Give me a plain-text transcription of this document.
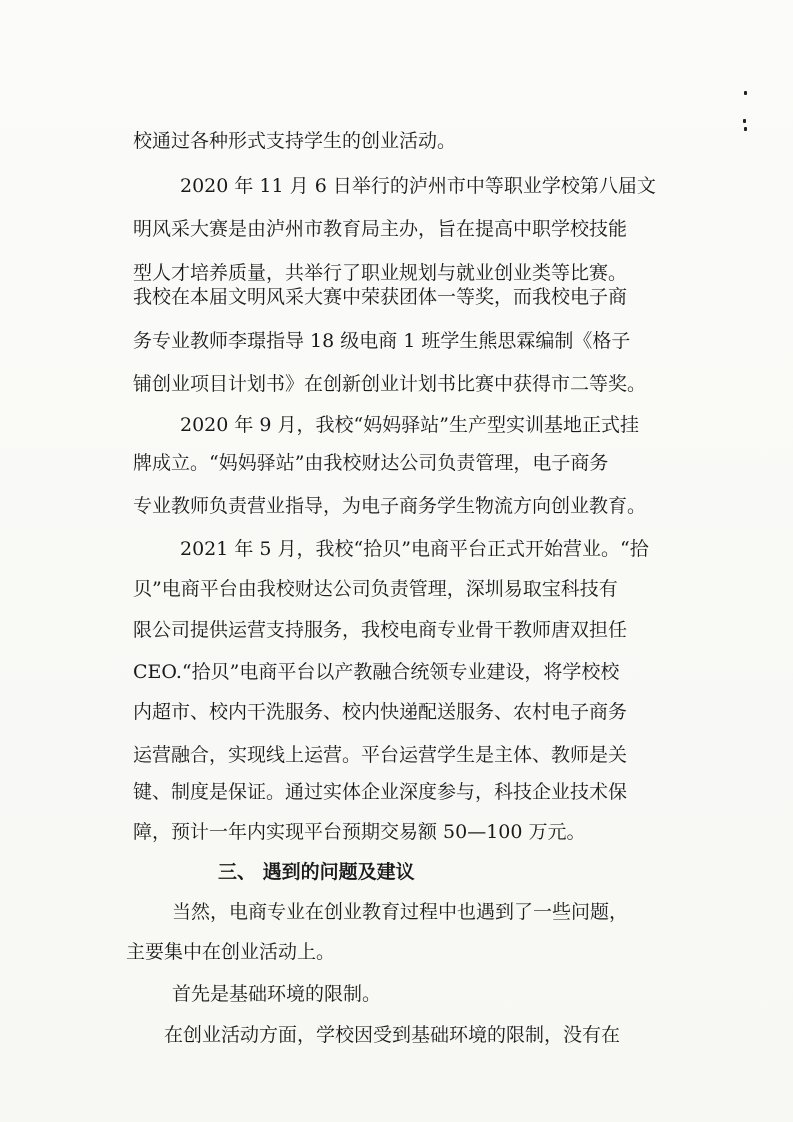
校通过各种形式支持学生的创业活动。
2020 年 11 月 6 日举行的泸州市中等职业学校第八届文
明风采大赛是由泸州市教育局主办，旨在提高中职学校技能
型人才培养质量，共举行了职业规划与就业创业类等比赛。
我校在本届文明风采大赛中荣获团体一等奖，而我校电子商
务专业教师李璟指导 18 级电商 1 班学生熊思霖编制《格子
铺创业项目计划书》在创新创业计划书比赛中获得市二等奖。
2020 年 9 月，我校“妈妈驿站”生产型实训基地正式挂
牌成立。“妈妈驿站”由我校财达公司负责管理，电子商务
专业教师负责营业指导，为电子商务学生物流方向创业教育。
2021 年 5 月，我校“拾贝”电商平台正式开始营业。“拾
贝”电商平台由我校财达公司负责管理，深圳易取宝科技有
限公司提供运营支持服务，我校电商专业骨干教师唐双担任
CEO.“拾贝”电商平台以产教融合统领专业建设，将学校校
内超市、校内干洗服务、校内快递配送服务、农村电子商务
运营融合，实现线上运营。平台运营学生是主体、教师是关
键、制度是保证。通过实体企业深度参与，科技企业技术保
障，预计一年内实现平台预期交易额 50—100 万元。
三、 遇到的问题及建议
当然，电商专业在创业教育过程中也遇到了一些问题，
主要集中在创业活动上。
首先是基础环境的限制。
在创业活动方面，学校因受到基础环境的限制，没有在
